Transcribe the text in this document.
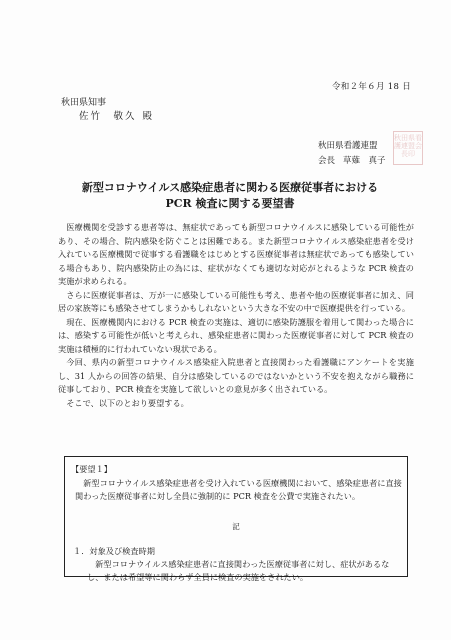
令和２年６月 18 日
秋田県知事
佐竹　敬久 殿
秋田県看護連盟
会長 草薙　真子
秋田県看護連盟会長印
新型コロナウイルス感染症患者に関わる医療従事者における
PCR 検査に関する要望書

医療機関を受診する患者等は、無症状であっても新型コロナウイルスに感染している可能性があり、その場合、院内感染を防ぐことは困難である。また新型コロナウイルス感染症患者を受け入れている医療機関で従事する看護職をはじめとする医療従事者は無症状であっても感染している場合もあり、院内感染防止の為には、症状がなくても適切な対応がとれるような PCR 検査の実施が求められる。

さらに医療従事者は、万が一に感染している可能性も考え、患者や他の医療従事者に加え、同居の家族等にも感染させてしまうかもしれないという大きな不安の中で医療提供を行っている。

現在、医療機関内における PCR 検査の実施は、適切に感染防護服を着用して関わった場合には、感染する可能性が低いと考えられ、感染症患者に関わった医療従事者に対して PCR 検査の実施は積極的に行われていない現状である。

今回、県内の新型コロナウイルス感染症入院患者と直接関わった看護職にアンケートを実施し、31 人からの回答の結果、自分は感染しているのではないかという不安を抱えながら職務に従事しており、PCR 検査を実施して欲しいとの意見が多く出されている。

そこで、以下のとおり要望する。

【要望１】
新型コロナウイルス感染症患者を受け入れている医療機関において、感染症患者に直接関わった医療従事者に対し全員に強制的に PCR 検査を公費で実施されたい。
記
１．対象及び検査時期
新型コロナウイルス感染症患者に直接関わった医療従事者に対し、症状があるなし、または希望等に関わらず全員に検査の実施をされたい。
